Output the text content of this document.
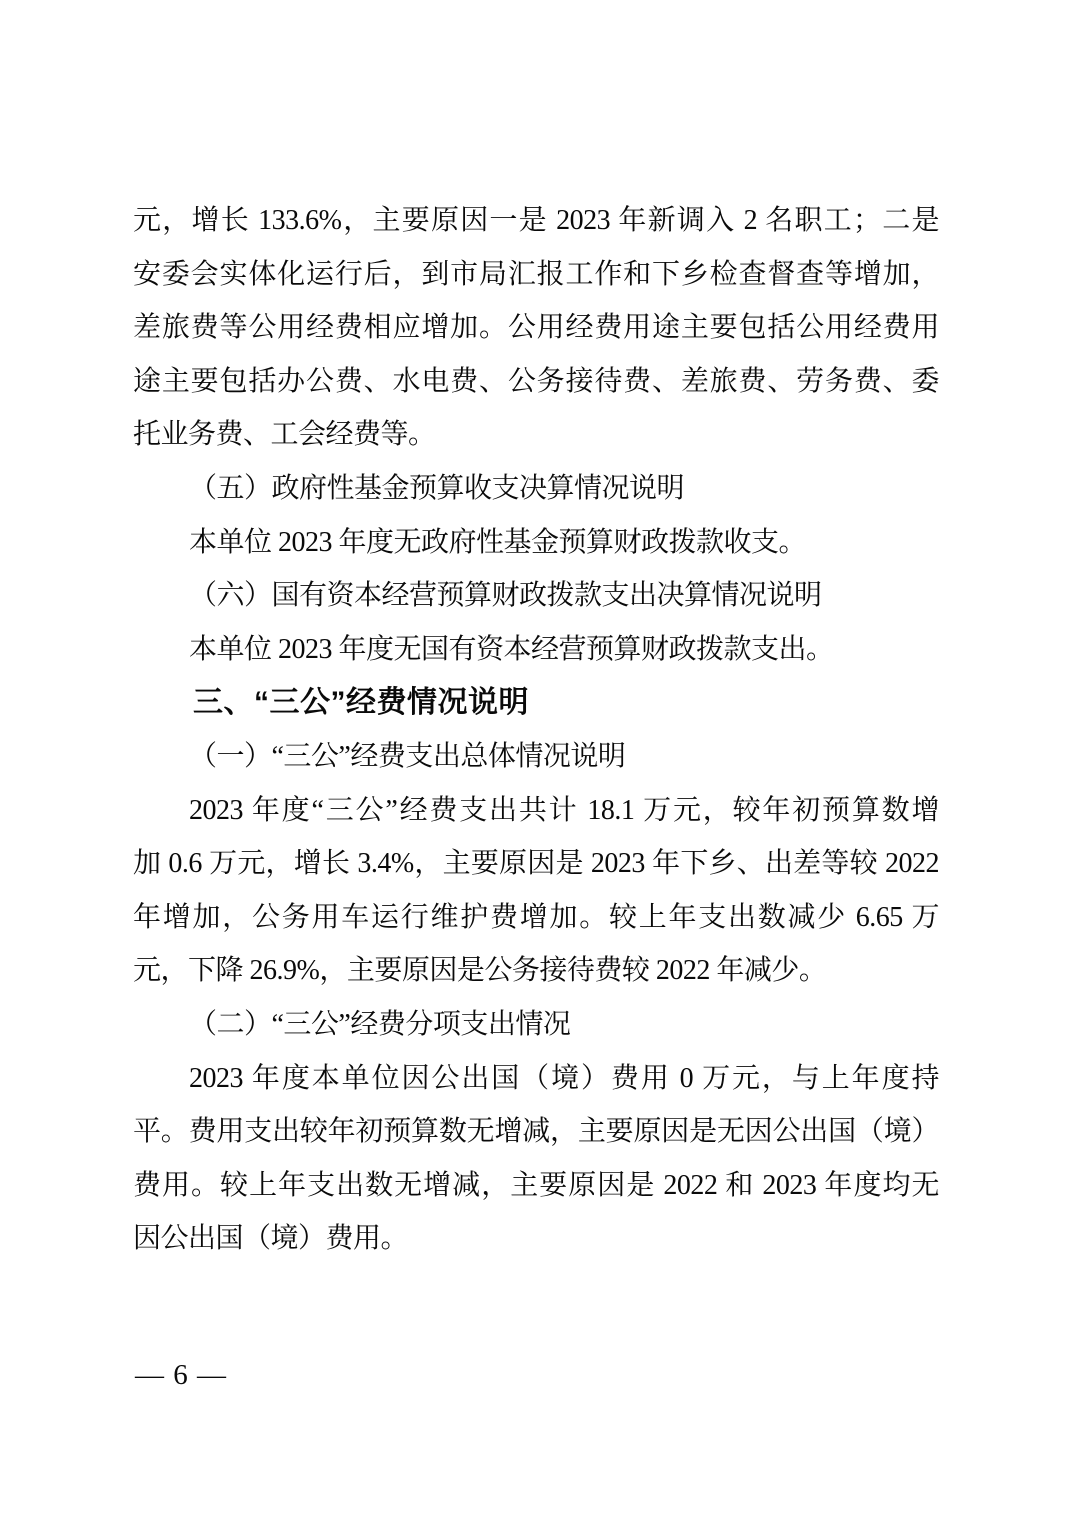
元，增长 133.6%，主要原因一是 2023 年新调入 2 名职工；二是
安委会实体化运行后，到市局汇报工作和下乡检查督查等增加，
差旅费等公用经费相应增加。公用经费用途主要包括公用经费用
途主要包括办公费、水电费、公务接待费、差旅费、劳务费、委
托业务费、工会经费等。
（五）政府性基金预算收支决算情况说明
本单位 2023 年度无政府性基金预算财政拨款收支。
（六）国有资本经营预算财政拨款支出决算情况说明
本单位 2023 年度无国有资本经营预算财政拨款支出。
三、“三公”经费情况说明
（一）“三公”经费支出总体情况说明
2023 年度“三公”经费支出共计 18.1 万元，较年初预算数增
加 0.6 万元，增长 3.4%，主要原因是 2023 年下乡、出差等较 2022
年增加，公务用车运行维护费增加。较上年支出数减少 6.65 万
元，下降 26.9%，主要原因是公务接待费较 2022 年减少。
（二）“三公”经费分项支出情况
2023 年度本单位因公出国（境）费用 0 万元，与上年度持
平。费用支出较年初预算数无增减，主要原因是无因公出国（境）
费用。较上年支出数无增减，主要原因是 2022 和 2023 年度均无
因公出国（境）费用。
— 6 —
